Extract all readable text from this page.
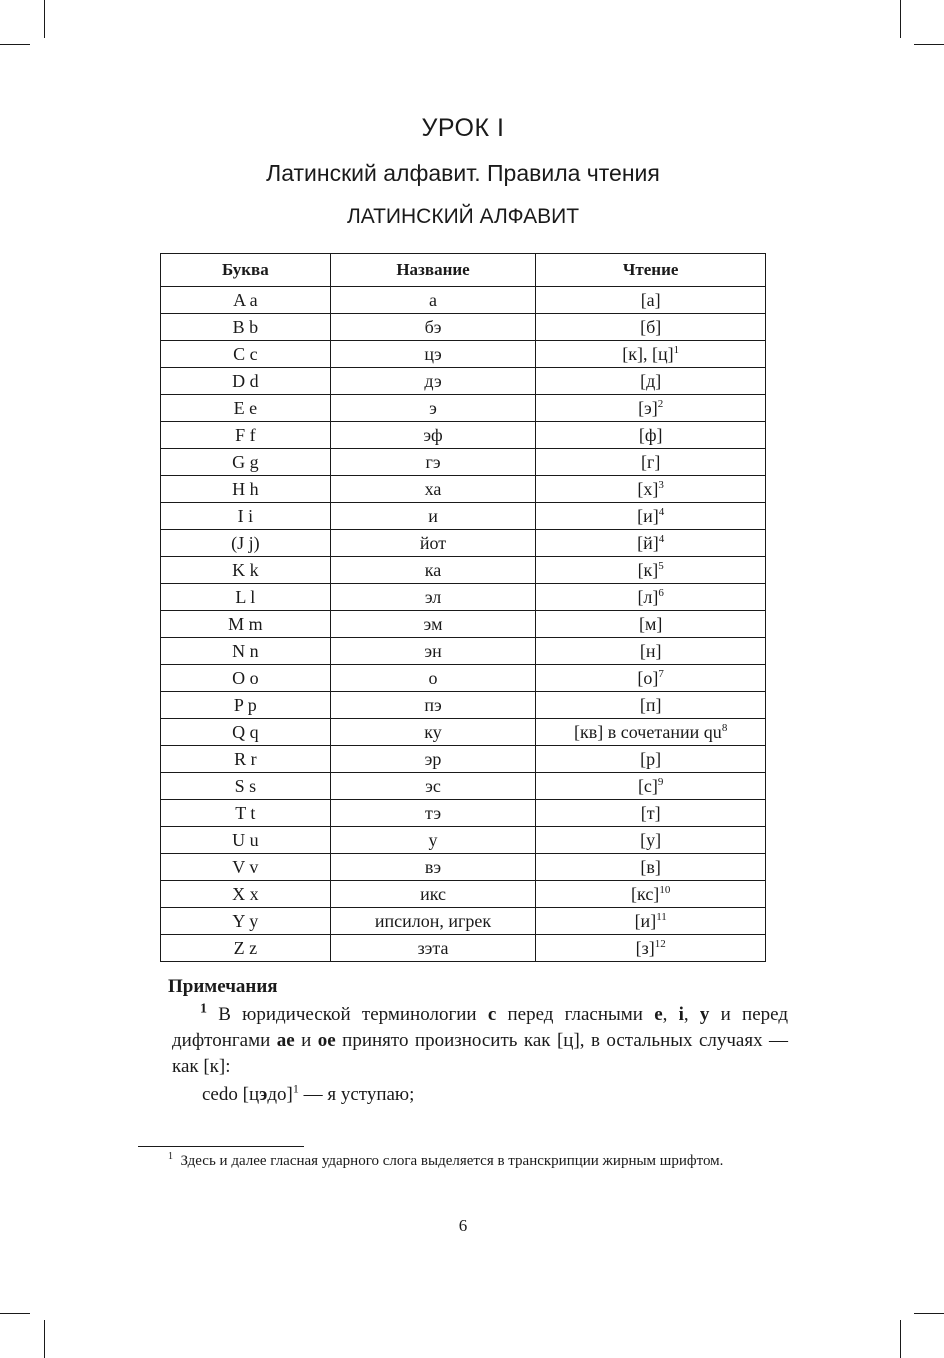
УРОК I
Латинский алфавит. Правила чтения
ЛАТИНСКИЙ АЛФАВИТ
Буква	Название	Чтение
A a	а	[а]
B b	бэ	[б]
C c	цэ	[к], [ц]$^1$
D d	дэ	[д]
E e	э	[э]$^2$
F f	эф	[ф]
G g	гэ	[г]
H h	ха	[х]$^3$
I i	и	[и]$^4$
(J j)	йот	[й]$^4$
K k	ка	[к]$^5$
L l	эл	[л]$^6$
M m	эм	[м]
N n	эн	[н]
O o	о	[о]$^7$
P p	пэ	[п]
Q q	ку	[кв] в сочетании qu$^8$
R r	эр	[р]
S s	эс	[с]$^9$
T t	тэ	[т]
U u	у	[у]
V v	вэ	[в]
X x	икс	[кс]$^{10}$
Y y	ипсилон, игрек	[и]$^{11}$
Z z	зэта	[з]$^{12}$

Примечания

$^1$ В юридической терминологии c перед гласными e, i, y и перед дифтонгами ae и oe принято произносить как [ц], в остальных случаях — как [к]:

cedo [цэдо]$^1$ — я уступаю;

$^1$ Здесь и далее гласная ударного слога выделяется в транскрипции жирным шрифтом.

6
